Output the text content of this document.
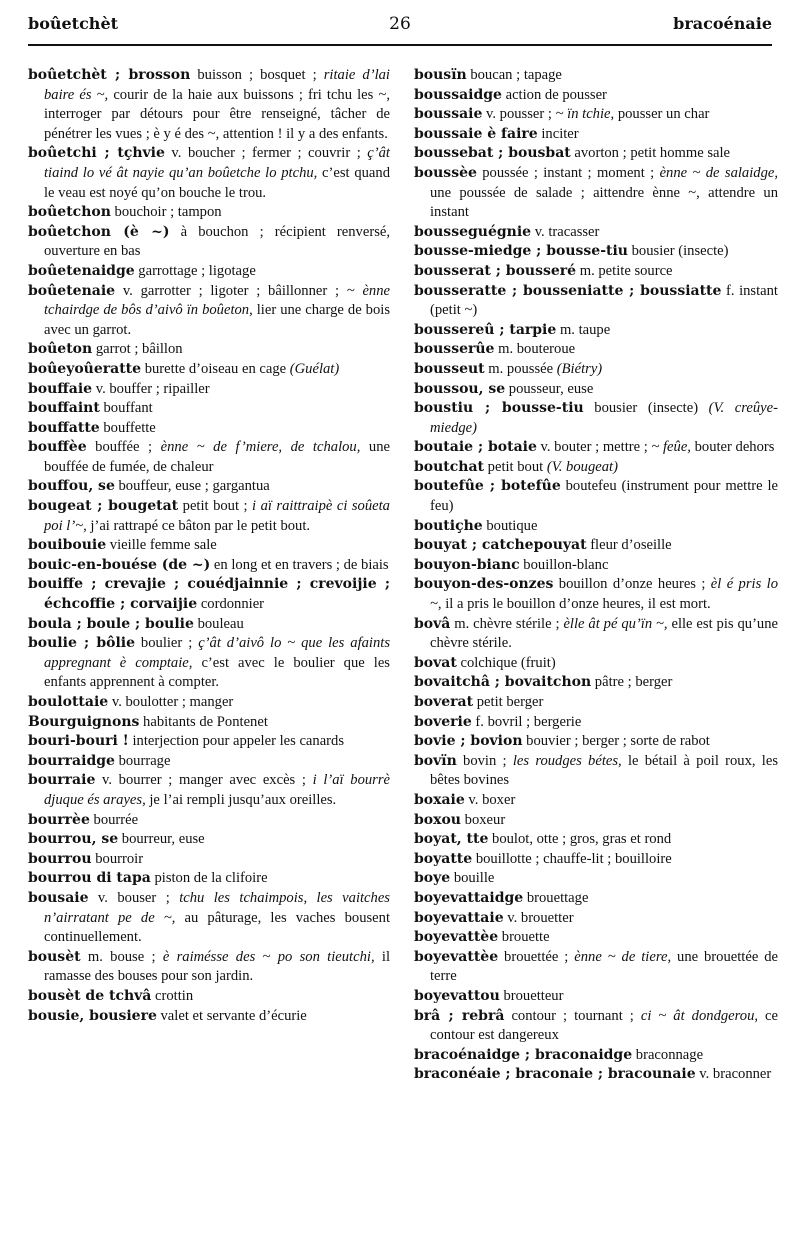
boûetchèt	26	bracoénaie

boûetchèt ; brosson buisson ; bosquet ; ritaie d’lai baire és ~, courir de la haie aux buissons ; fri tchu les ~, interroger par détours pour être renseigné, tâcher de pénétrer les vues ; è y é des ~, attention ! il y a des enfants.

boûetchi ; tçhvie v. boucher ; fermer ; couvrir ; ç’ât tiaind lo vé ât nayie qu’an boûetche lo ptchu, c’est quand le veau est noyé qu’on bouche le trou.

boûetchon bouchoir ; tampon

boûetchon (è ~) à bouchon ; récipient renversé, ouverture en bas

boûetenaidge garrottage ; ligotage

boûetenaie v. garrotter ; ligoter ; bâillonner ; ~ ènne tchairdge de bôs d’aivô ïn boûeton, lier une charge de bois avec un garrot.

boûeton garrot ; bâillon

boûeyoûeratte burette d’oiseau en cage (Guélat)

bouffaie v. bouffer ; ripailler

bouffaint bouffant

bouffatte bouffette

bouffèe bouffée ; ènne ~ de f’miere, de tchalou, une bouffée de fumée, de chaleur

bouffou, se bouffeur, euse ; gargantua

bougeat ; bougetat petit bout ; i aï raittraipè ci soûeta poi l’~, j’ai rattrapé ce bâton par le petit bout.

bouibouie vieille femme sale

bouic-en-bouése (de ~) en long et en travers ; de biais

bouiffe ; crevajie ; couédjainnie ; crevoijie ; échcoffie ; corvaijie cordonnier

boula ; boule ; boulie bouleau

boulie ; bôlie boulier ; ç’ât d’aivô lo ~ que les afaints appregnant è comptaie, c’est avec le boulier que les enfants apprennent à compter.

boulottaie v. boulotter ; manger

Bourguignons habitants de Pontenet

bouri-bouri ! interjection pour appeler les canards

bourraidge bourrage

bourraie v. bourrer ; manger avec excès ; i l’aï bourrè djuque és arayes, je l’ai rempli jusqu’aux oreilles.

bourrèe bourrée

bourrou, se bourreur, euse

bourrou bourroir

bourrou di tapa piston de la clifoire

bousaie v. bouser ; tchu les tchaimpois, les vaitches n’airratant pe de ~, au pâturage, les vaches bousent continuellement.

bousèt m. bouse ; è raimésse des ~ po son tieutchi, il ramasse des bouses pour son jardin.

bousèt de tchvâ crottin

bousie, bousiere valet et servante d’écurie

bousïn boucan ; tapage

boussaidge action de pousser

boussaie v. pousser ; ~ ïn tchie, pousser un char

boussaie è faire inciter

boussebat ; bousbat avorton ; petit homme sale

boussèe poussée ; instant ; moment ; ènne ~ de salaidge, une poussée de salade ; aittendre ènne ~, attendre un instant

bousseguégnie v. tracasser

bousse-miedge ; bousse-tiu bousier (insecte)

bousserat ; bousseré m. petite source

bousseratte ; bousseniatte ; boussiatte f. instant (petit ~)

boussereû ; tarpie m. taupe

bousserûe m. bouteroue

bousseut m. poussée (Biétry)

boussou, se pousseur, euse

boustiu ; bousse-tiu bousier (insecte) (V. creûye-miedge)

boutaie ; botaie v. bouter ; mettre ; ~ feûe, bouter dehors

boutchat petit bout (V. bougeat)

boutefûe ; botefûe boutefeu (instrument pour mettre le feu)

boutiçhe boutique

bouyat ; catchepouyat fleur d’oseille

bouyon-bianc bouillon-blanc

bouyon-des-onzes bouillon d’onze heures ; èl é pris lo ~, il a pris le bouillon d’onze heures, il est mort.

bovâ m. chèvre stérile ; èlle ât pé qu’ïn ~, elle est pis qu’une chèvre stérile.

bovat colchique (fruit)

bovaitchâ ; bovaitchon pâtre ; berger

boverat petit berger

boverie f. bovril ; bergerie

bovie ; bovion bouvier ; berger ; sorte de rabot

bovïn bovin ; les roudges bétes, le bétail à poil roux, les bêtes bovines

boxaie v. boxer

boxou boxeur

boyat, tte boulot, otte ; gros, gras et rond

boyatte bouillotte ; chauffe-lit ; bouilloire

boye bouille

boyevattaidge brouettage

boyevattaie v. brouetter

boyevattèe brouette

boyevattèe brouettée ; ènne ~ de tiere, une brouettée de terre

boyevattou brouetteur

brâ ; rebrâ contour ; tournant ; ci ~ ât dondgerou, ce contour est dangereux

bracoénaidge ; braconaidge braconnage

braconéaie ; braconaie ; bracounaie v. braconner
